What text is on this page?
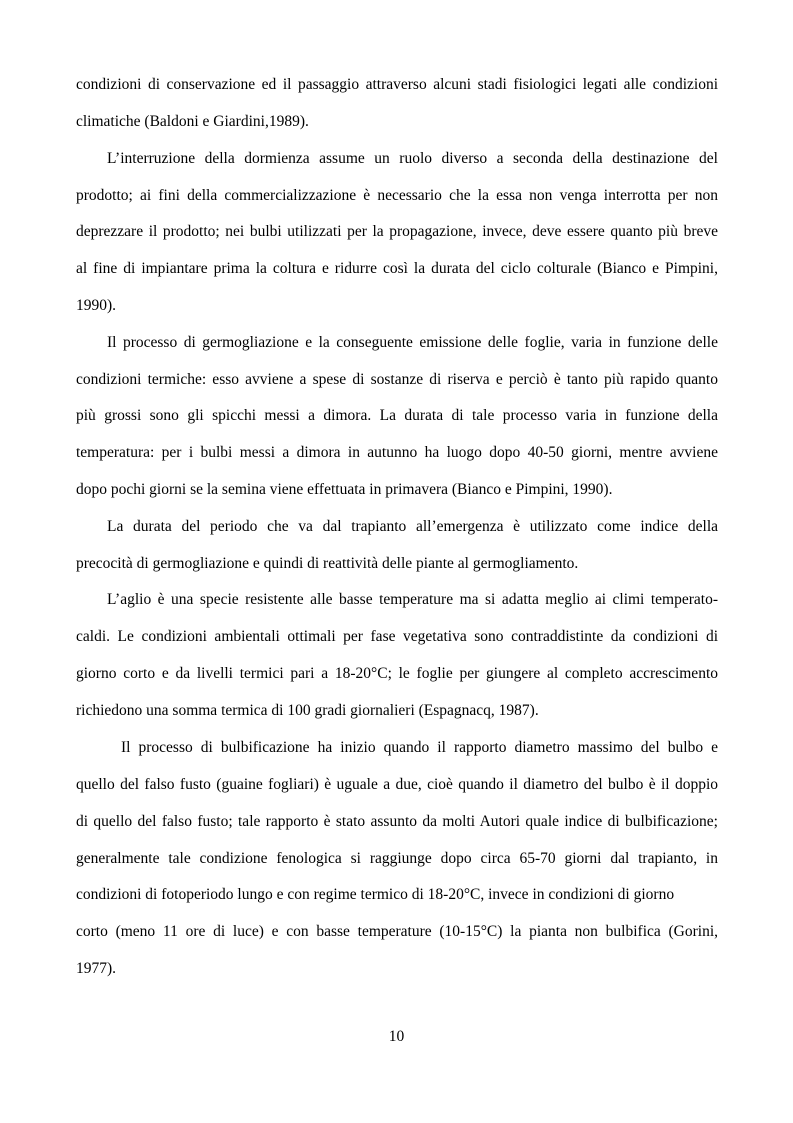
condizioni di conservazione ed il passaggio attraverso alcuni stadi fisiologici legati alle condizioni
climatiche (Baldoni e Giardini,1989).
L’interruzione della dormienza assume un ruolo diverso a seconda della destinazione del
prodotto; ai fini della commercializzazione è necessario che la essa non venga interrotta per non
deprezzare il prodotto; nei bulbi utilizzati per la propagazione, invece, deve essere quanto più breve
al fine di impiantare prima la coltura e ridurre così la durata del ciclo colturale (Bianco e Pimpini,
1990).
Il processo di germogliazione e la conseguente emissione delle foglie, varia in funzione delle
condizioni termiche: esso avviene a spese di sostanze di riserva e perciò è tanto più rapido quanto
più grossi sono gli spicchi messi a dimora. La durata di tale processo varia in funzione della
temperatura: per i bulbi messi a dimora in autunno ha luogo dopo 40-50 giorni, mentre avviene
dopo pochi giorni se la semina viene effettuata in primavera (Bianco e Pimpini, 1990).
La durata del periodo che va dal trapianto all’emergenza è utilizzato come indice della
precocità di germogliazione e quindi di reattività delle piante al germogliamento.
L’aglio è una specie resistente alle basse temperature ma si adatta meglio ai climi temperato-
caldi. Le condizioni ambientali ottimali per fase vegetativa sono contraddistinte da condizioni di
giorno corto e da livelli termici pari a 18-20°C; le foglie per giungere al completo accrescimento
richiedono una somma termica di 100 gradi giornalieri (Espagnacq, 1987).
Il processo di bulbificazione ha inizio quando il rapporto diametro massimo del bulbo e
quello del falso fusto (guaine fogliari) è uguale a due, cioè quando il diametro del bulbo è il doppio
di quello del falso fusto; tale rapporto è stato assunto da molti Autori quale indice di bulbificazione;
generalmente tale condizione fenologica si raggiunge dopo circa 65-70 giorni dal trapianto, in
condizioni di fotoperiodo lungo e con regime termico di 18-20°C, invece in condizioni di giorno
corto (meno 11 ore di luce) e con basse temperature (10-15°C) la pianta non bulbifica (Gorini,
1977).
10
